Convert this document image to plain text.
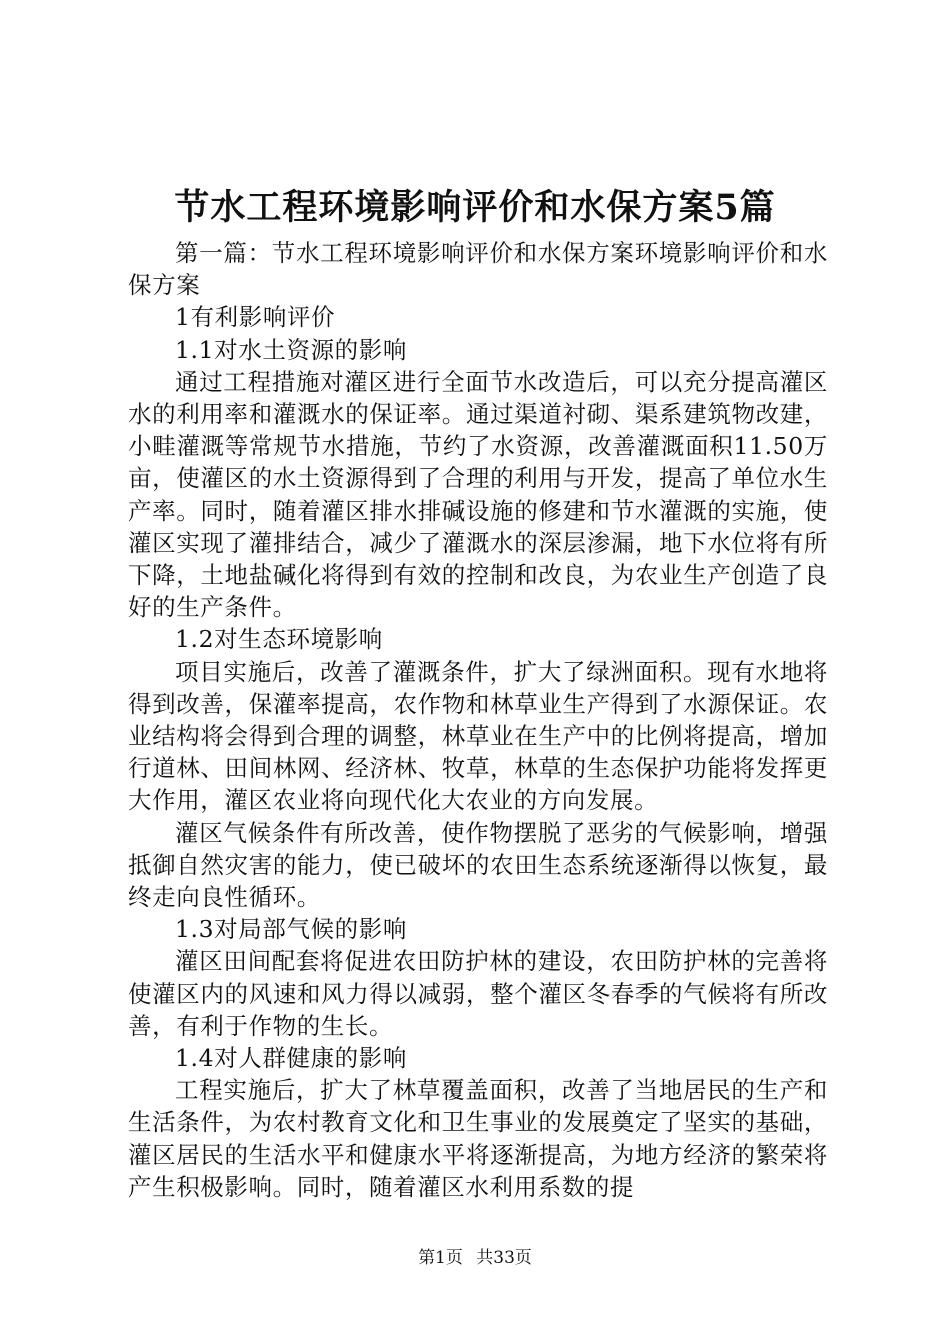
节水工程环境影响评价和水保方案5篇

第一篇：节水工程环境影响评价和水保方案环境影响评价和水保方案

1有利影响评价

1.1对水土资源的影响

通过工程措施对灌区进行全面节水改造后，可以充分提高灌区水的利用率和灌溉水的保证率。通过渠道衬砌、渠系建筑物改建，小畦灌溉等常规节水措施，节约了水资源，改善灌溉面积11.50万亩，使灌区的水土资源得到了合理的利用与开发，提高了单位水生产率。同时，随着灌区排水排碱设施的修建和节水灌溉的实施，使灌区实现了灌排结合，减少了灌溉水的深层渗漏，地下水位将有所下降，土地盐碱化将得到有效的控制和改良，为农业生产创造了良好的生产条件。

1.2对生态环境影响

项目实施后，改善了灌溉条件，扩大了绿洲面积。现有水地将得到改善，保灌率提高，农作物和林草业生产得到了水源保证。农业结构将会得到合理的调整，林草业在生产中的比例将提高，增加行道林、田间林网、经济林、牧草，林草的生态保护功能将发挥更大作用，灌区农业将向现代化大农业的方向发展。

灌区气候条件有所改善，使作物摆脱了恶劣的气候影响，增强抵御自然灾害的能力，使已破坏的农田生态系统逐渐得以恢复，最终走向良性循环。

1.3对局部气候的影响

灌区田间配套将促进农田防护林的建设，农田防护林的完善将使灌区内的风速和风力得以减弱，整个灌区冬春季的气候将有所改善，有利于作物的生长。

1.4对人群健康的影响

工程实施后，扩大了林草覆盖面积，改善了当地居民的生产和生活条件，为农村教育文化和卫生事业的发展奠定了坚实的基础，灌区居民的生活水平和健康水平将逐渐提高，为地方经济的繁荣将产生积极影响。同时，随着灌区水利用系数的提

第1页 共33页
